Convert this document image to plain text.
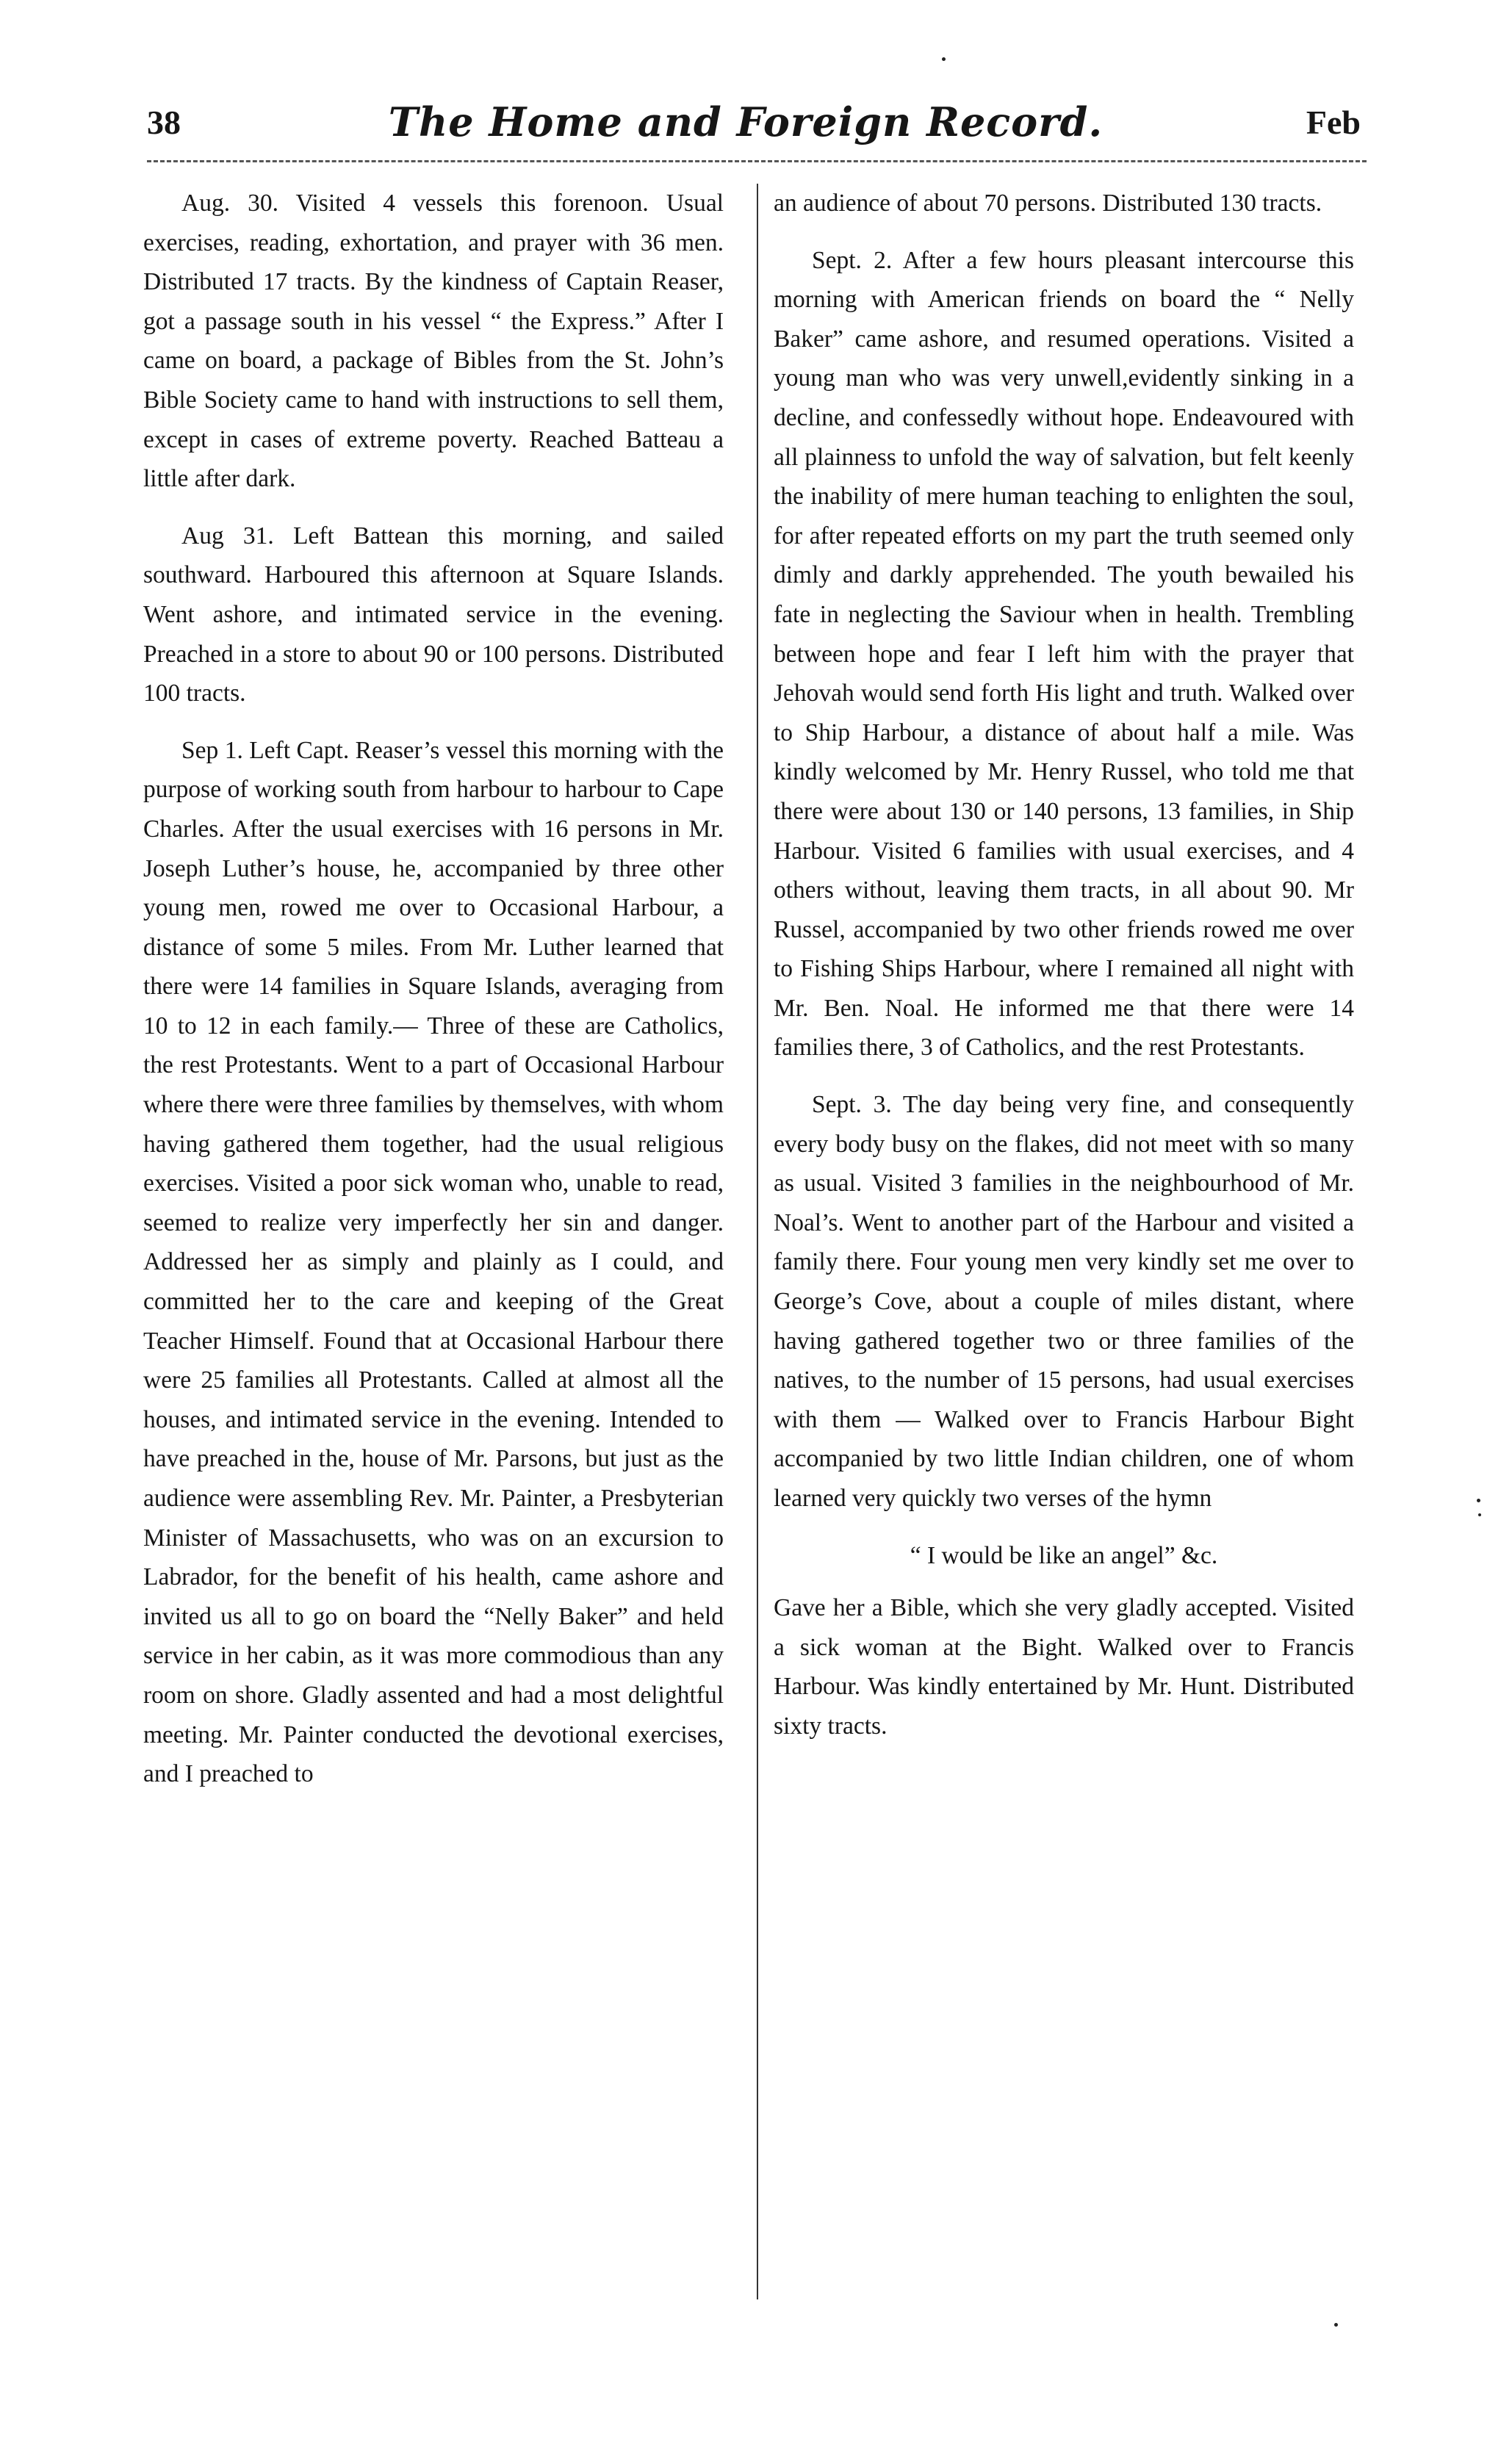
38	The Home and Foreign Record.	Feb

Aug. 30. Visited 4 vessels this forenoon. Usual exercises, reading, exhortation, and prayer with 36 men. Distributed 17 tracts. By the kindness of Captain Reaser, got a passage south in his vessel “ the Express.” After I came on board, a package of Bibles from the St. John’s Bible Society came to hand with instructions to sell them, except in cases of extreme poverty. Reached Batteau a little after dark.

Aug 31. Left Battean this morning, and sailed southward. Harboured this afternoon at Square Islands. Went ashore, and intimated service in the evening. Preached in a store to about 90 or 100 persons. Distributed 100 tracts.

Sep 1. Left Capt. Reaser’s vessel this morning with the purpose of working south from harbour to harbour to Cape Charles. After the usual exercises with 16 persons in Mr. Joseph Luther’s house, he, accompanied by three other young men, rowed me over to Occasional Harbour, a distance of some 5 miles. From Mr. Luther learned that there were 14 families in Square Islands, averaging from 10 to 12 in each family.— Three of these are Catholics, the rest Protestants. Went to a part of Occasional Harbour where there were three families by themselves, with whom having gathered them together, had the usual religious exercises. Visited a poor sick woman who, unable to read, seemed to realize very imperfectly her sin and danger. Addressed her as simply and plainly as I could, and committed her to the care and keeping of the Great Teacher Himself. Found that at Occasional Harbour there were 25 families all Protestants. Called at almost all the houses, and intimated service in the evening. Intended to have preached in the, house of Mr. Parsons, but just as the audience were assembling Rev. Mr. Painter, a Presbyterian Minister of Massachusetts, who was on an excursion to Labrador, for the benefit of his health, came ashore and invited us all to go on board the “Nelly Baker” and held service in her cabin, as it was more commodious than any room on shore. Gladly assented and had a most delightful meeting. Mr. Painter conducted the devotional exercises, and I preached to

an audience of about 70 persons. Distributed 130 tracts.

Sept. 2. After a few hours pleasant intercourse this morning with American friends on board the “ Nelly Baker” came ashore, and resumed operations. Visited a young man who was very unwell,evidently sinking in a decline, and confessedly without hope. Endeavoured with all plainness to unfold the way of salvation, but felt keenly the inability of mere human teaching to enlighten the soul, for after repeated efforts on my part the truth seemed only dimly and darkly apprehended. The youth bewailed his fate in neglecting the Saviour when in health. Trembling between hope and fear I left him with the prayer that Jehovah would send forth His light and truth. Walked over to Ship Harbour, a distance of about half a mile. Was kindly welcomed by Mr. Henry Russel, who told me that there were about 130 or 140 persons, 13 families, in Ship Harbour. Visited 6 families with usual exercises, and 4 others without, leaving them tracts, in all about 90. Mr Russel, accompanied by two other friends rowed me over to Fishing Ships Harbour, where I remained all night with Mr. Ben. Noal. He informed me that there were 14 families there, 3 of Catholics, and the rest Protestants.

Sept. 3. The day being very fine, and consequently every body busy on the flakes, did not meet with so many as usual. Visited 3 families in the neighbourhood of Mr. Noal’s. Went to another part of the Harbour and visited a family there. Four young men very kindly set me over to George’s Cove, about a couple of miles distant, where having gathered together two or three families of the natives, to the number of 15 persons, had usual exercises with them — Walked over to Francis Harbour Bight accompanied by two little Indian children, one of whom learned very quickly two verses of the hymn

“ I would be like an angel” &c.

Gave her a Bible, which she very gladly accepted. Visited a sick woman at the Bight. Walked over to Francis Harbour. Was kindly entertained by Mr. Hunt. Distributed sixty tracts.
